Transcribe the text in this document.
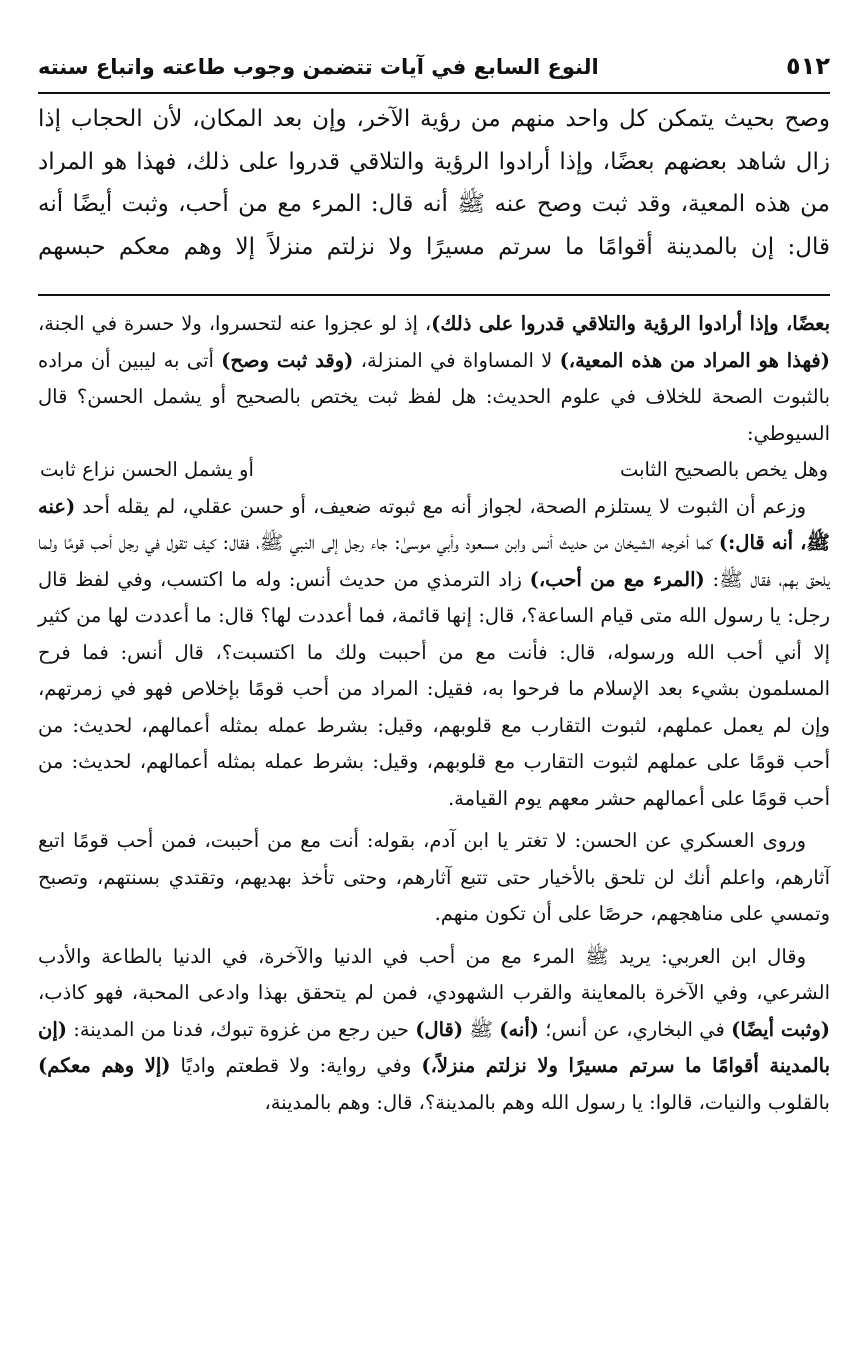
٥١٢
النوع السابع في آيات تتضمن وجوب طاعته واتباع سنته

وصح بحيث يتمكن كل واحد منهم من رؤية الآخر، وإن بعد المكان، لأن الحجاب إذا زال شاهد بعضهم بعضًا، وإذا أرادوا الرؤية والتلاقي قدروا على ذلك، فهذا هو المراد من هذه المعية، وقد ثبت وصح عنه ﷺ أنه قال: المرء مع من أحب، وثبت أيضًا أنه قال: إن بالمدينة أقوامًا ما سرتم مسيرًا ولا نزلتم منزلاً إلا وهم معكم حبسهم

بعضًا، وإذا أرادوا الرؤية والتلاقي قدروا على ذلك)، إذ لو عجزوا عنه لتحسروا، ولا حسرة في الجنة، (فهذا هو المراد من هذه المعية،) لا المساواة في المنزلة، (وقد ثبت وصح) أتى به ليبين أن مراده بالثبوت الصحة للخلاف في علوم الحديث: هل لفظ ثبت يختص بالصحيح أو يشمل الحسن؟ قال السيوطي:

وهل يخص بالصحيح الثابت
أو يشمل الحسن نزاع ثابت

وزعم أن الثبوت لا يستلزم الصحة، لجواز أنه مع ثبوته ضعيف، أو حسن عقلي، لم يقله أحد (عنه ﷺ، أنه قال:) كما أخرجه الشيخان من حديث أنس وابن مسعود وأبي موسىٰ: جاء رجل إلى النبي ﷺ، فقال: كيف تقول في رجل أحب قومًا ولما يلحق بهم، فقال ﷺ: (المرء مع من أحب،) زاد الترمذي من حديث أنس: وله ما اكتسب، وفي لفظ قال رجل: يا رسول الله متى قيام الساعة؟، قال: إنها قائمة، فما أعددت لها؟ قال: ما أعددت لها من كثير إلا أني أحب الله ورسوله، قال: فأنت مع من أحببت ولك ما اكتسبت؟، قال أنس: فما فرح المسلمون بشيء بعد الإسلام ما فرحوا به، فقيل: المراد من أحب قومًا بإخلاص فهو في زمرتهم، وإن لم يعمل عملهم، لثبوت التقارب مع قلوبهم، وقيل: بشرط عمله بمثله أعمالهم، لحديث: من أحب قومًا على عملهم لثبوت التقارب مع قلوبهم، وقيل: بشرط عمله بمثله أعمالهم، لحديث: من أحب قومًا على أعمالهم حشر معهم يوم القيامة.

وروى العسكري عن الحسن: لا تغتر يا ابن آدم، بقوله: أنت مع من أحببت، فمن أحب قومًا اتبع آثارهم، واعلم أنك لن تلحق بالأخيار حتى تتبع آثارهم، وحتى تأخذ بهديهم، وتقتدي بسنتهم، وتصبح وتمسي على مناهجهم، حرصًا على أن تكون منهم.

وقال ابن العربي: يريد ﷺ المرء مع من أحب في الدنيا والآخرة، في الدنيا بالطاعة والأدب الشرعي، وفي الآخرة بالمعاينة والقرب الشهودي، فمن لم يتحقق بهذا وادعى المحبة، فهو كاذب، (وثبت أيضًا) في البخاري، عن أنس؛ (أنه) ﷺ (قال) حين رجع من غزوة تبوك، فدنا من المدينة: (إن بالمدينة أقوامًا ما سرتم مسيرًا ولا نزلتم منزلاً،) وفي رواية: ولا قطعتم واديًا (إلا وهم معكم) بالقلوب والنيات، قالوا: يا رسول الله وهم بالمدينة؟، قال: وهم بالمدينة،
